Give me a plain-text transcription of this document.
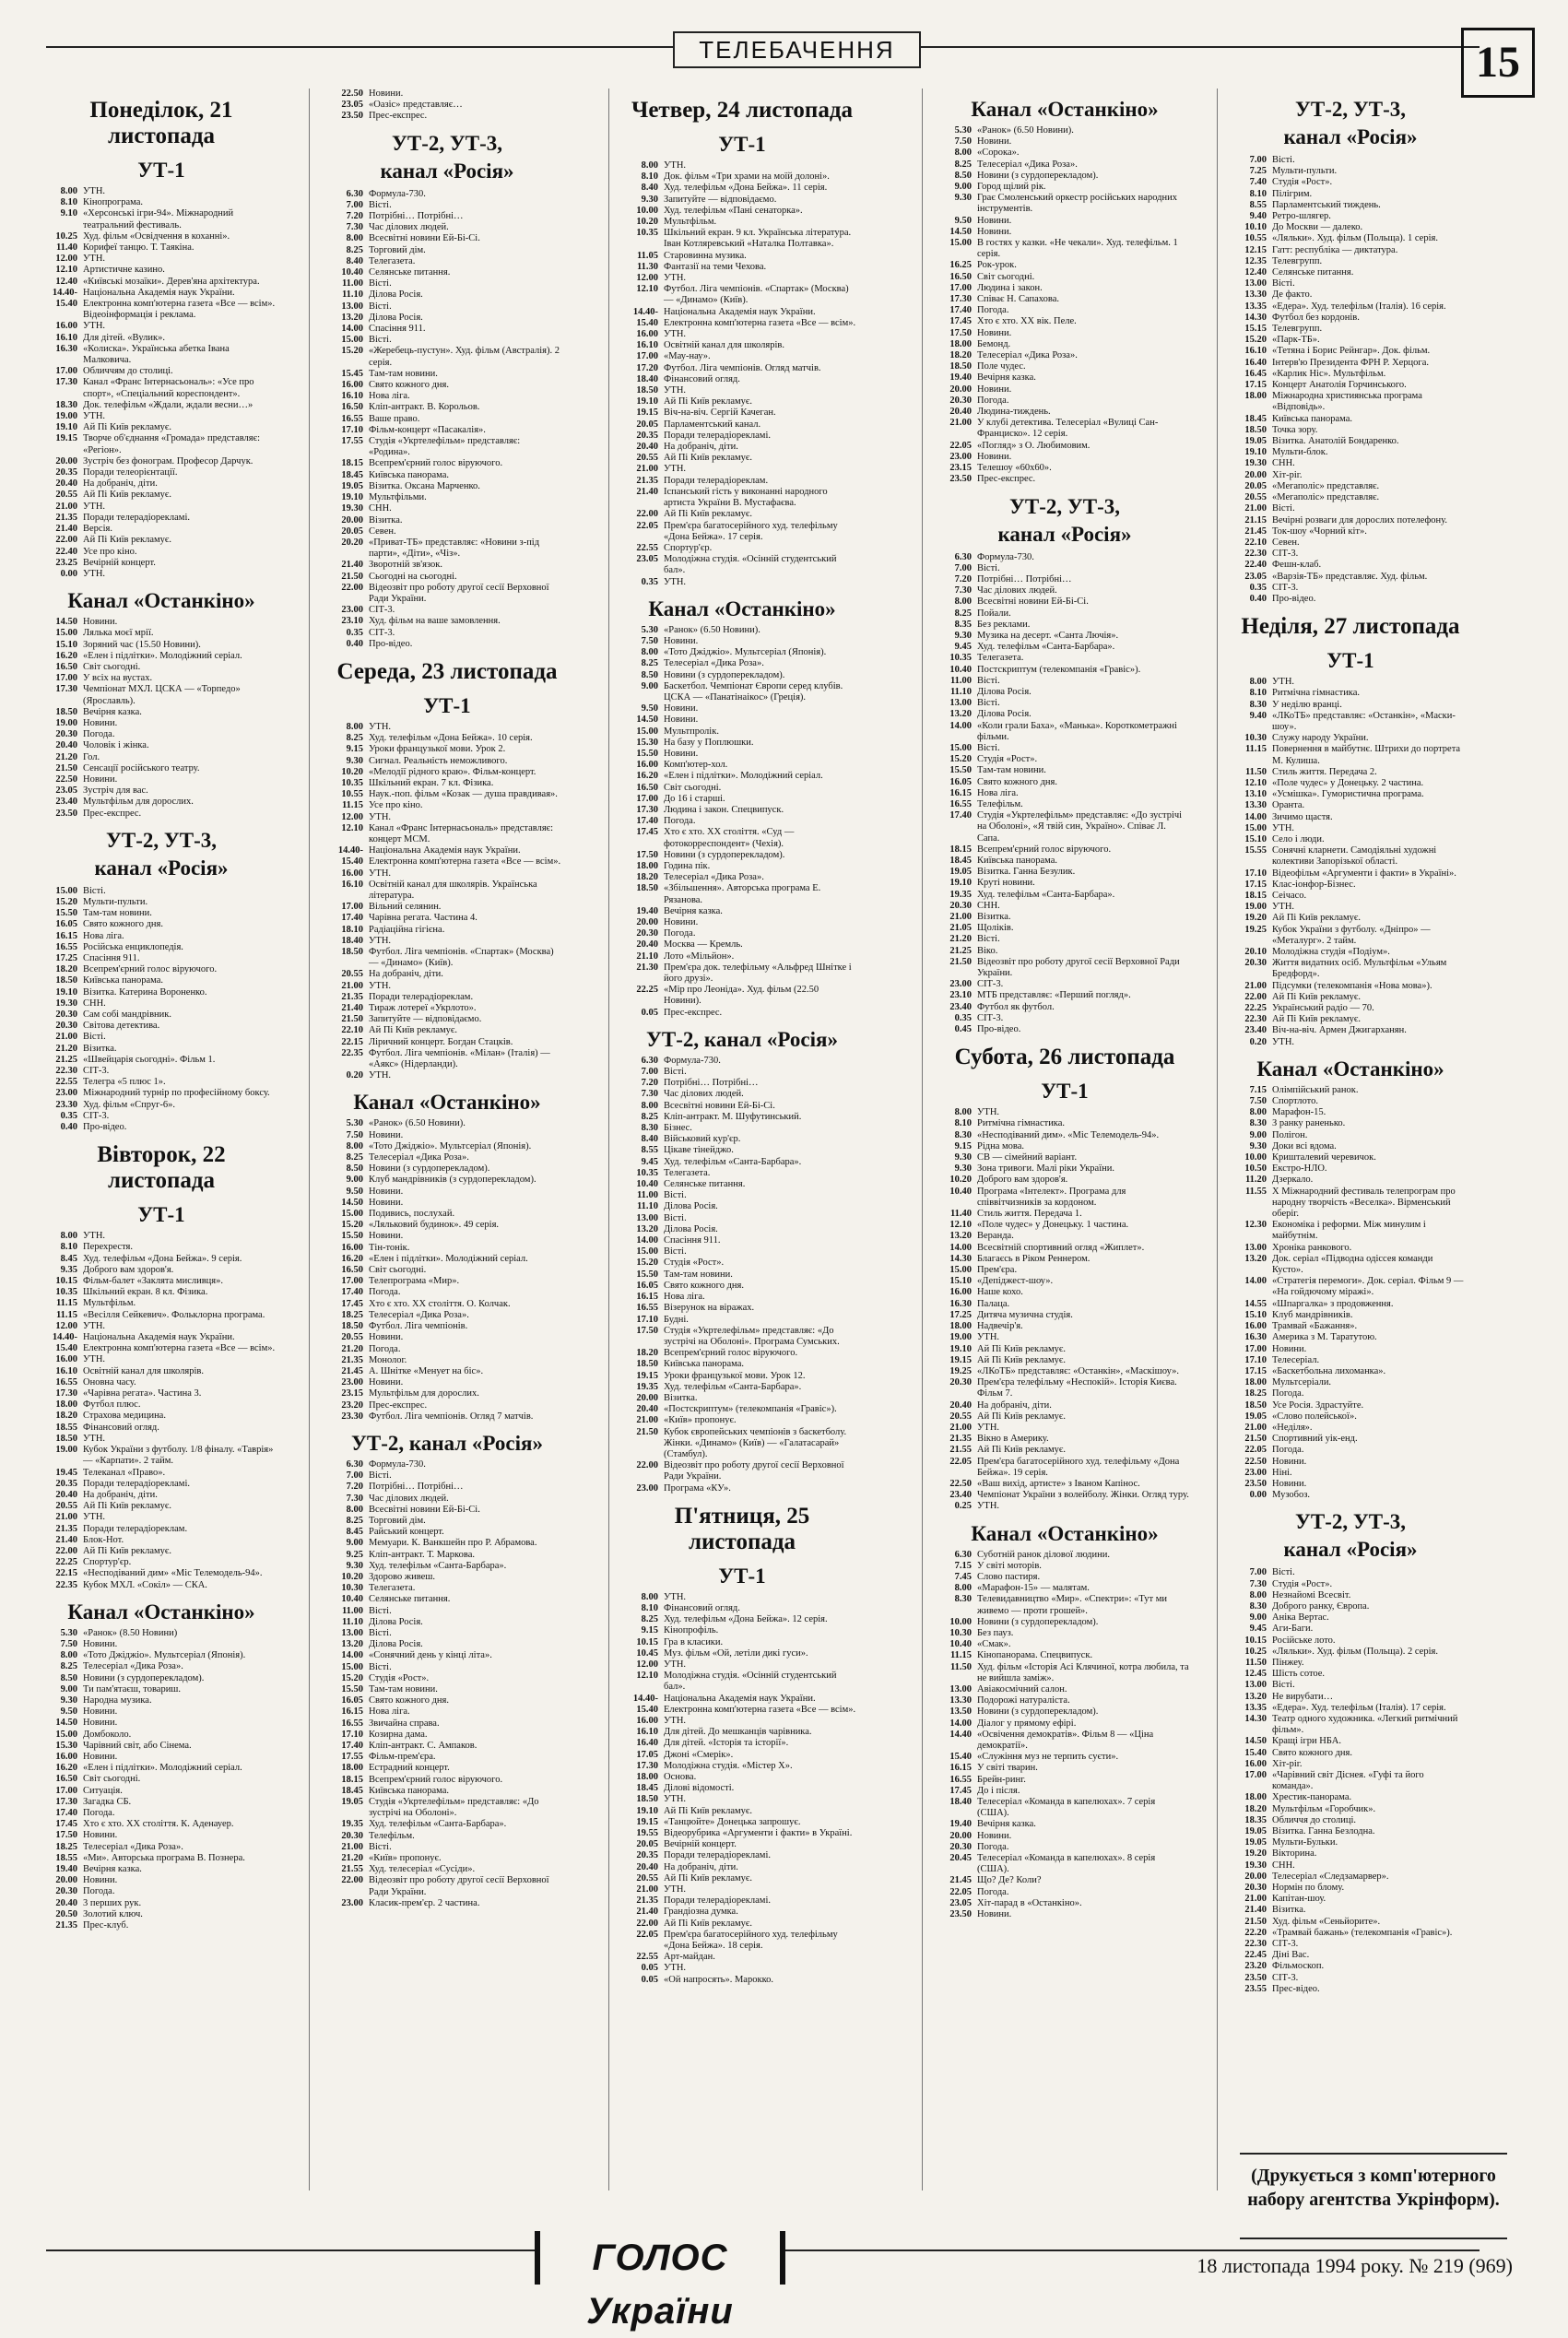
ТЕЛЕБАЧЕННЯ	15
Понеділок, 21 листопада
УТ-1
8.00 УТН.
8.10 Кінопрограма.
9.10 «Херсонські ігри-94». Міжнародний театральний фестиваль.
10.25 Худ. фільм «Освідчення в коханні».
11.40 Корифеї танцю. Т. Таякіна.
12.00 УТН.
12.10 Артистичне казино.
12.40 «Київські мозаїки». Дерев'яна архітектура.
14.40-15.40
Національна Академія наук України. Електронна комп'ютерна газета «Все — всім». Відеоінформація і реклама.
16.00 УТН.
16.10 Для дітей. «Вулик».
16.30 «Колиска». Українська абетка Івана Малковича.
17.00 Обличчям до столиці.
17.30 Канал «Франс Інтернасьональ»: «Усе про спорт», «Спеціальний кореспондент».
18.30 Док. телефільм «Ждали, ждали весни…»
19.00 УТН.
19.10 Ай Пі Київ рекламує.
19.15 Творче об'єднання «Громада» представляє: «Регіон».
20.00 Зустріч без фонограм. Професор Дарчук.
20.35 Поради телеорієнтації.
20.40 На добраніч, діти.
20.55 Ай Пі Київ рекламує.
21.00 УТН.
21.35 Поради телерадіорекламі.
21.40 Версія.
22.00 Ай Пі Київ рекламує.
22.40 Усе про кіно.
23.25 Вечірній концерт.
0.00 УТН.
Канал «Останкіно»
14.50 Новини.
15.00 Лялька моєї мрії.
15.10 Зоряний час (15.50 Новини).
16.20 «Елен і підлітки». Молодіжний серіал.
16.50 Світ сьогодні.
17.00 У всіх на вустах.
17.30 Чемпіонат МХЛ. ЦСКА — «Торпедо» (Ярославль).
18.50 Вечірня казка.
19.00 Новини.
20.30 Погода.
20.40 Чоловік і жінка.
21.20 Гол.
21.50 Сенсації російського театру.
22.50 Новини.
23.05 Зустріч для вас.
23.40 Мультфільм для дорослих.
23.50 Прес-експрес.
УТ-2, УТ-3,
канал «Росія»
15.00 Вісті.
15.20 Мульти-пульти.
15.50 Там-там новини.
16.05 Свято кожного дня.
16.15 Нова ліга.
16.55 Російська енциклопедія.
17.25 Спасіння 911.
18.20 Всепрем'єрний голос віруючого.
18.50 Київська панорама.
19.10 Візитка. Катерина Вороненко.
19.30 СНН.
20.30 Сам собі мандрівник.
20.30 Світова детектива.
21.00 Вісті.
21.20 Візитка.
21.25 «Швейцарія сьогодні». Фільм 1.
22.30 СІТ-3.
22.55 Телегра «5 плюс 1».
23.00 Міжнародний турнір по професійному боксу.
23.30 Худ. фільм «Спруг-6».
0.35 СІТ-3.
0.40 Про-відео.
Вівторок, 22 листопада
УТ-1
8.00 УТН.
8.10 Перехрестя.
8.45 Худ. телефільм «Дона Бейжа». 9 серія.
9.35 Доброго вам здоров'я.
10.15 Фільм-балет «Заклята мисливця».
10.35 Шкільний екран. 8 кл. Фізика.
11.15 Мультфільм.
11.15 «Весілля Сейкевич». Фольклорна програма.
12.00 УТН.
14.40-15.40
Національна Академія наук України. Електронна комп'ютерна газета «Все — всім».
16.00 УТН.
16.10 Освітній канал для школярів.
16.55 Оновна часу.
17.30 «Чарівна регата». Частина 3.
18.00 Футбол плюс.
18.20 Страхова медицина.
18.55 Фінансовий огляд.
18.50 УТН.
19.00 Кубок України з футболу. 1/8 фіналу. «Таврія» — «Карпати». 2 тайм.
19.45 Телеканал «Право».
20.35 Поради телерадіорекламі.
20.40 На добраніч, діти.
20.55 Ай Пі Київ рекламує.
21.00 УТН.
21.35 Поради телерадіореклам.
21.40 Блок-Нот.
22.00 Ай Пі Київ рекламує.
22.25 Спортур'єр.
22.15 «Несподіваний дим» «Міс Телемодель-94».
22.35 Кубок МХЛ. «Сокіл» — СКА.
Канал «Останкіно»
5.30 «Ранок» (8.50 Новини)
7.50 Новини.
8.00 «Тото Джіджіо». Мультсеріал (Японія).
8.25 Телесеріал «Дика Роза».
8.50 Новини (з сурдоперекладом).
9.00 Ти пам'ятаєш, товариш.
9.30 Народна музика.
9.50 Новини.
14.50 Новини.
15.00 Домбоколо.
15.30 Чарівний світ, або Сінема.
16.00 Новини.
16.20 «Елен і підлітки». Молодіжний серіал.
16.50 Світ сьогодні.
17.00 Ситуація.
17.30 Загадка СБ.
17.40 Погода.
17.45 Хто є хто. ХХ століття. К. Аденауер.
17.50 Новини.
18.25 Телесеріал «Дика Роза».
18.55 «Ми». Авторська програма В. Познера.
19.40 Вечірня казка.
20.00 Новини.
20.30 Погода.
20.40 3 перших рук.
20.50 Золотий ключ.
21.35 Прес-клуб.
22.50 Новини.
23.05 «Оазіс» представляє…
23.50 Прес-експрес.
УТ-2, УТ-3,
канал «Росія»
6.30 Формула-730.
7.00 Вісті.
7.20 Потрібні… Потрібні…
7.30 Час ділових людей.
8.00 Всесвітні новини Ей-Бі-Сі.
8.25 Торговий дім.
8.40 Телегазета.
10.40 Селянське питання.
11.00 Вісті.
11.10 Ділова Росія.
13.00 Вісті.
13.20 Ділова Росія.
14.00 Спасіння 911.
15.00 Вісті.
15.20 «Жеребець-пустун». Худ. фільм (Австралія). 2 серія.
15.45 Там-там новини.
16.00 Свято кожного дня.
16.10 Нова ліга.
16.50 Кліп-антракт. В. Корольов.
16.55 Ваше право.
17.10 Фільм-концерт «Пасакалія».
17.55 Студія «Укртелефільм» представляє: «Родина».
18.15 Всепрем'єрний голос віруючого.
18.45 Київська панорама.
19.05 Візитка. Оксана Марченко.
19.10 Мультфільми.
19.30 СНН.
20.00 Візитка.
20.05 Севен.
20.20 «Приват-ТБ» представляє: «Новини з-під парти», «Діти», «Чіз».
21.40 Зворотній зв'язок.
21.50 Сьогодні на сьогодні.
22.00 Відеозвіт про роботу другої сесії Верховної Ради України.
23.00 СІТ-3.
23.10 Худ. фільм на ваше замовлення.
0.35 СІТ-3.
0.40 Про-відео.
Середа, 23 листопада
УТ-1
8.00 УТН.
8.25 Худ. телефільм «Дона Бейжа». 10 серія.
9.15 Уроки французької мови. Урок 2.
9.30 Сигнал. Реальність неможливого.
10.20 «Мелодії рідного краю». Фільм-концерт.
10.35 Шкільний екран. 7 кл. Фізика.
10.55 Наук.-поп. фільм «Козак — душа правдивая».
11.15 Усе про кіно.
12.00 УТН.
12.10 Канал «Франс Інтернасьональ» представляє: концерт МСМ.
14.40-15.40
Національна Академія наук України. Електронна комп'ютерна газета «Все — всім».
16.00 УТН.
16.10 Освітній канал для школярів. Українська література.
17.00 Вільний селянин.
17.40 Чарівна регата. Частина 4.
18.10 Радіаційна гігієна.
18.40 УТН.
18.50 Футбол. Ліга чемпіонів. «Спартак» (Москва) — «Динамо» (Київ).
20.55 На добраніч, діти.
21.00 УТН.
21.35 Поради телерадіореклам.
21.40 Тираж лотереї «Укрлото».
21.50 Запитуйте — відповідаємо.
22.10 Ай Пі Київ рекламує.
22.15 Ліричний концерт. Богдан Стацків.
22.35 Футбол. Ліга чемпіонів. «Мілан» (Італія) — «Аякс» (Нідерланди).
0.20 УТН.
Канал «Останкіно»
5.30 «Ранок» (6.50 Новини).
7.50 Новини.
8.00 «Тото Джіджіо». Мультсеріал (Японія).
8.25 Телесеріал «Дика Роза».
8.50 Новини (з сурдоперекладом).
9.00 Клуб мандрівників (з сурдоперекладом).
9.50 Новини.
14.50 Новини.
15.00 Подивись, послухай.
15.20 «Ляльковий будинок». 49 серія.
15.50 Новини.
16.00 Тін-тонік.
16.20 «Елен і підлітки». Молодіжний серіал.
16.50 Світ сьогодні.
17.00 Телепрограма «Мир».
17.40 Погода.
17.45 Хто є хто. ХХ століття. О. Колчак.
18.25 Телесеріал «Дика Роза».
18.50 Футбол. Ліга чемпіонів.
20.55 Новини.
21.20 Погода.
21.35 Монолог.
21.45 А. Шнітке «Менует на біс».
23.00 Новини.
23.15 Мультфільм для дорослих.
23.20 Прес-експрес.
23.30 Футбол. Ліга чемпіонів. Огляд 7 матчів.
УТ-2, канал «Росія»
6.30 Формула-730.
7.00 Вісті.
7.20 Потрібні… Потрібні…
7.30 Час ділових людей.
8.00 Всесвітні новини Ей-Бі-Сі.
8.25 Торговий дім.
8.45 Райський концерт.
9.00 Мемуари. К. Ванкшейн про Р. Абрамова.
9.25 Кліп-антракт. Т. Маркова.
9.30 Худ. телефільм «Санта-Барбара».
10.20 Здорово живеш.
10.30 Телегазета.
10.40 Селянське питання.
11.00 Вісті.
11.10 Ділова Росія.
13.00 Вісті.
13.20 Ділова Росія.
14.00 «Сонячний день у кінці літа».
15.00 Вісті.
15.20 Студія «Рост».
15.50 Там-там новини.
16.05 Свято кожного дня.
16.15 Нова ліга.
16.55 Звичайна справа.
17.10 Козирна дама.
17.40 Кліп-антракт. С. Ампаков.
17.55 Фільм-прем'єра.
18.00 Естрадний концерт.
18.15 Всепрем'єрний голос віруючого.
18.45 Київська панорама.
19.05 Студія «Укртелефільм» представляє: «До зустрічі на Оболоні».
19.35 Худ. телефільм «Санта-Барбара».
20.30 Телефільм.
21.00 Вісті.
21.20 «Київ» пропонує.
21.55 Худ. телесеріал «Сусіди».
22.00 Відеозвіт про роботу другої сесії Верховної Ради України.
23.00 Класик-прем'єр. 2 частина.
Четвер, 24 листопада
УТ-1
8.00 УТН.
8.10 Док. фільм «Три храми на моїй долоні».
8.40 Худ. телефільм «Дона Бейжа». 11 серія.
9.30 Запитуйте — відповідаємо.
10.00 Худ. телефільм «Пані сенаторка».
10.20 Мультфільм.
10.35 Шкільний екран. 9 кл. Українська література. Іван Котляревський «Наталка Полтавка».
11.05 Старовинна музика.
11.30 Фантазії на теми Чехова.
12.00 УТН.
12.10 Футбол. Ліга чемпіонів. «Спартак» (Москва) — «Динамо» (Київ).
14.40-15.40
Національна Академія наук України. Електронна комп'ютерна газета «Все — всім».
16.00 УТН.
16.10 Освітній канал для школярів.
17.00 «Мау-нау».
17.20 Футбол. Ліга чемпіонів. Огляд матчів.
18.40 Фінансовий огляд.
18.50 УТН.
19.10 Ай Пі Київ рекламує.
19.15 Віч-на-віч. Сергій Качеган.
20.05 Парламентський канал.
20.35 Поради телерадіорекламі.
20.40 На добраніч, діти.
20.55 Ай Пі Київ рекламує.
21.00 УТН.
21.35 Поради телерадіореклам.
21.40 Іспанський гість у виконанні народного артиста України В. Мустафаєва.
22.00 Ай Пі Київ рекламує.
22.05 Прем'єра багатосерійного худ. телефільму «Дона Бейжа». 17 серія.
22.55 Спортур'єр.
23.05 Молодіжна студія. «Осінній студентський бал».
0.35 УТН.
Канал «Останкіно»
5.30 «Ранок» (6.50 Новини).
7.50 Новини.
8.00 «Тото Джіджіо». Мультсеріал (Японія).
8.25 Телесеріал «Дика Роза».
8.50 Новини (з сурдоперекладом).
9.00 Баскетбол. Чемпіонат Європи серед клубів. ЦСКА — «Панатінаікос» (Греція).
9.50 Новини.
14.50 Новини.
15.00 Мультпролік.
15.30 На базу у Поплюшки.
15.50 Новини.
16.00 Комп'ютер-хол.
16.20 «Елен і підлітки». Молодіжний серіал.
16.50 Світ сьогодні.
17.00 До 16 і старші.
17.30 Людина і закон. Спецвипуск.
17.40 Погода.
17.45 Хто є хто. ХХ століття. «Суд — фотокорреспондент» (Чехія).
17.50 Новини (з сурдоперекладом).
18.00 Година пік.
18.20 Телесеріал «Дика Роза».
18.50 «Збільшення». Авторська програма Е. Рязанова.
19.40 Вечірня казка.
20.00 Новини.
20.30 Погода.
20.40 Москва — Кремль.
21.10 Лото «Мільйон».
21.30 Прем'єра док. телефільму «Альфред Шнітке і його друзі».
22.25 «Мір про Леоніда». Худ. фільм (22.50 Новини).
0.05 Прес-експрес.
УТ-2, канал «Росія»
6.30 Формула-730.
7.00 Вісті.
7.20 Потрібні… Потрібні…
7.30 Час ділових людей.
8.00 Всесвітні новини Ей-Бі-Сі.
8.25 Кліп-антракт. М. Шуфутинський.
8.30 Бізнес.
8.40 Військовий кур'єр.
8.55 Цікаве тінейджо.
9.45 Худ. телефільм «Санта-Барбара».
10.35 Телегазета.
10.40 Селянське питання.
11.00 Вісті.
11.10 Ділова Росія.
13.00 Вісті.
13.20 Ділова Росія.
14.00 Спасіння 911.
15.00 Вісті.
15.20 Студія «Рост».
15.50 Там-там новини.
16.05 Свято кожного дня.
16.15 Нова ліга.
16.55 Візерунок на віражах.
17.10 Будні.
17.50 Студія «Укртелефільм» представляє: «До зустрічі на Оболоні». Програма Сумських.
18.20 Всепрем'єрний голос віруючого.
18.50 Київська панорама.
19.15 Уроки французької мови. Урок 12.
19.35 Худ. телефільм «Санта-Барбара».
20.00 Візитка.
20.40 «Постскриптум» (телекомпанія «Гравіс»).
21.00 «Київ» пропонує.
21.50 Кубок європейських чемпіонів з баскетболу. Жінки. «Динамо» (Київ) — «Галатасарай» (Стамбул).
22.00 Відеозвіт про роботу другої сесії Верховної Ради України.
23.00 Програма «КУ».
П'ятниця, 25 листопада
УТ-1
8.00 УТН.
8.10 Фінансовий огляд.
8.25 Худ. телефільм «Дона Бейжа». 12 серія.
9.15 Кінопрофіль.
10.15 Гра в класики.
10.45 Муз. фільм «Ой, летіли дикі гуси».
12.00 УТН.
12.10 Молодіжна студія. «Осінній студентський бал».
14.40-15.40
Національна Академія наук України. Електронна комп'ютерна газета «Все — всім».
16.00 УТН.
16.10 Для дітей. До мешканців чарівника.
16.40 Для дітей. «Історія та історії».
17.05 Джоні «Смерік».
17.30 Молодіжна студія. «Містер Х».
18.00 Основа.
18.45 Ділові відомості.
18.50 УТН.
19.10 Ай Пі Київ рекламує.
19.15 «Танцюйте» Донецька запрошує.
19.55 Відеорубрика «Аргументи і факти» в Україні.
20.05 Вечірній концерт.
20.35 Поради телерадіорекламі.
20.40 На добраніч, діти.
20.55 Ай Пі Київ рекламує.
21.00 УТН.
21.35 Поради телерадіорекламі.
21.40 Грандіозна думка.
22.00 Ай Пі Київ рекламує.
22.05 Прем'єра багатосерійного худ. телефільму «Дона Бейжа». 18 серія.
22.55 Арт-майдан.
0.05 УТН.
0.05 «Ой напросять». Марокко.
Канал «Останкіно»
5.30 «Ранок» (6.50 Новини).
7.50 Новини.
8.00 «Сорока».
8.25 Телесеріал «Дика Роза».
8.50 Новини (з сурдоперекладом).
9.00 Город щілий рік.
9.30 Грає Смоленський оркестр російських народних інструментів.
9.50 Новини.
14.50 Новини.
15.00 В гостях у казки. «Не чекали». Худ. телефільм. 1 серія.
16.25 Рок-урок.
16.50 Світ сьогодні.
17.00 Людина і закон.
17.30 Співає Н. Сапахова.
17.40 Погода.
17.45 Хто є хто. ХХ вік. Пеле.
17.50 Новини.
18.00 Бемонд.
18.20 Телесеріал «Дика Роза».
18.50 Поле чудес.
19.40 Вечірня казка.
20.00 Новини.
20.30 Погода.
20.40 Людина-тиждень.
21.00 У клубі детектива. Телесеріал «Вулиці Сан-Франциско». 12 серія.
22.05 «Погляд» з О. Любимовим.
23.00 Новини.
23.15 Телешоу «60х60».
23.50 Прес-експрес.
УТ-2, УТ-3,
канал «Росія»
6.30 Формула-730.
7.00 Вісті.
7.20 Потрібні… Потрібні…
7.30 Час ділових людей.
8.00 Всесвітні новини Ей-Бі-Сі.
8.25 Пойали.
8.35 Без реклами.
9.30 Музика на десерт. «Санта Лючія».
9.45 Худ. телефільм «Санта-Барбара».
10.35 Телегазета.
10.40 Постскриптум (телекомпанія «Гравіс»).
11.00 Вісті.
11.10 Ділова Росія.
13.00 Вісті.
13.20 Ділова Росія.
14.00 «Коли грали Баха», «Манька». Короткометражні фільми.
15.00 Вісті.
15.20 Студія «Рост».
15.50 Там-там новини.
16.05 Свято кожного дня.
16.15 Нова ліга.
16.55 Телефільм.
17.40 Студія «Укртелефільм» представляє: «До зустрічі на Оболоні», «Я твій син, Україно». Співає Л. Сапа.
18.15 Всепрем'єрний голос віруючого.
18.45 Київська панорама.
19.05 Візитка. Ганна Безулик.
19.10 Круті новини.
19.35 Худ. телефільм «Санта-Барбара».
20.30 СНН.
21.00 Візитка.
21.05 Щоліків.
21.20 Вісті.
21.25 Віко.
21.50 Відеозвіт про роботу другої сесії Верховної Ради України.
23.00 СІТ-3.
23.10 МТБ представляє: «Перший погляд».
23.40 Футбол як футбол.
0.35 СІТ-3.
0.45 Про-відео.
Субота, 26 листопада
УТ-1
8.00 УТН.
8.10 Ритмічна гімнастика.
8.30 «Несподіваний дим». «Міс Телемодель-94».
9.15 Рідна мова.
9.30 СВ — сімейний варіант.
9.30 Зона тривоги. Малі ріки України.
10.20 Доброго вам здоров'я.
10.40 Програма «Інтелект». Програма для співвітчизників за кордоном.
11.40 Стиль життя. Передача 1.
12.10 «Поле чудес» у Донецьку. 1 частина.
13.20 Веранда.
14.00 Всесвітній спортивний огляд «Жиплет».
14.30 Благаєсь в Ріком Реннером.
15.00 Прем'єра.
15.10 «Депіджест-шоу».
16.00 Наше кохо.
16.30 Палаца.
17.25 Дитяча музична студія.
18.00 Надвечір'я.
19.00 УТН.
19.10 Ай Пі Київ рекламує.
19.15 Ай Пі Київ рекламує.
19.25 «ЛКоТБ» представляє: «Останкін», «Маскішоу».
20.30 Прем'єра телефільму «Неспокій». Історія Києва. Фільм 7.
20.40 На добраніч, діти.
20.55 Ай Пі Київ рекламує.
21.00 УТН.
21.35 Вікно в Америку.
21.55 Ай Пі Київ рекламує.
22.05 Прем'єра багатосерійного худ. телефільму «Дона Бейжа». 19 серія.
22.50 «Ваш вихід, артисте» з Іваном Капінос.
23.40 Чемпіонат України з волейболу. Жінки. Огляд туру.
0.25 УТН.
Канал «Останкіно»
6.30 Суботній ранок ділової людини.
7.15 У світі моторів.
7.45 Слово пастиря.
8.00 «Марафон-15» — малятам.
8.30 Телевидавництво «Мир». «Спектри»: «Тут ми живемо — проти грошей».
10.00 Новини (з сурдоперекладом).
10.30 Без пауз.
10.40 «Смак».
11.15 Кінопанорама. Спецвипуск.
11.50 Худ. фільм «Історія Асі Клячиної, котра любила, та не вийшла заміж».
13.00 Авіакосмічний салон.
13.30 Подорожі натураліста.
13.50 Новини (з сурдоперекладом).
14.00 Діалог у прямому ефірі.
14.40 «Освічення демократів». Фільм 8 — «Ціна демократії».
15.40 «Служіння муз не терпить суєти».
16.15 У світі тварин.
16.55 Брейн-ринг.
17.45 До і після.
18.40 Телесеріал «Команда в капелюхах». 7 серія (США).
19.40 Вечірня казка.
20.00 Новини.
20.30 Погода.
20.45 Телесеріал «Команда в капелюхах». 8 серія (США).
21.45 Що? Де? Коли?
22.05 Погода.
23.05 Хіт-парад в «Останкіно».
23.50 Новини.
УТ-2, УТ-3,
канал «Росія»
7.00 Вісті.
7.25 Мульти-пульти.
7.40 Студія «Рост».
8.10 Пілігрим.
8.55 Парламентський тиждень.
9.40 Ретро-шлягер.
10.10 До Москви — далеко.
10.55 «Ляльки». Худ. фільм (Польща). 1 серія.
12.15 Гатт: республіка — диктатура.
12.35 Телевгрупп.
12.40 Селянське питання.
13.00 Вісті.
13.30 Де факто.
13.35 «Едера». Худ. телефільм (Італія). 16 серія.
14.30 Футбол без кордонів.
15.15 Телевгрупп.
15.20 «Парк-ТБ».
16.10 «Тетяна і Борис Рейнгар». Док. фільм.
16.40 Інтерв'ю Президента ФРН Р. Херцога.
16.45 «Карлик Ніс». Мультфільм.
17.15 Концерт Анатолія Горчинського.
18.00 Міжнародна християнська програма «Відповідь».
18.45 Київська панорама.
18.50 Точка зору.
19.05 Візитка. Анатолій Бондаренко.
19.10 Мульти-блок.
19.30 СНН.
20.00 Хіт-ріг.
20.05 «Мегаполіс» представляє.
20.55 «Мегаполіс» представляє.
21.00 Вісті.
21.15 Вечірні розваги для дорослих потелефону.
21.45 Ток-шоу «Чорний кіт».
22.10 Севен.
22.30 СІТ-3.
22.40 Фешн-клаб.
23.05 «Варзія-ТБ» представляє. Худ. фільм.
0.35 СІТ-3.
0.40 Про-відео.
Неділя, 27 листопада
УТ-1
8.00 УТН.
8.10 Ритмічна гімнастика.
8.30 У неділю вранці.
9.40 «ЛКоТБ» представляє: «Останкін», «Маски-шоу».
10.30 Служу народу України.
11.15 Повернення в майбутнє. Штрихи до портрета М. Кулиша.
11.50 Стиль життя. Передача 2.
12.10 «Поле чудес» у Донецьку. 2 частина.
13.10 «Усмішка». Гумористична програма.
13.30 Оранта.
14.00 Зичимо щастя.
15.00 УТН.
15.10 Село і люди.
15.55 Сонячні кларнети. Самодіяльні художні колективи Запорізької області.
17.10 Відеофільм «Аргументи і факти» в Україні».
17.15 Клас-іонфор-Бізнес.
18.15 Сеічасо.
19.00 УТН.
19.20 Ай Пі Київ рекламує.
19.25 Кубок України з футболу. «Дніпро» — «Металург». 2 тайм.
20.10 Молодіжна студія «Подіум».
20.30 Життя видатних осіб. Мультфільм «Ульям Бредфорд».
21.00 Підсумки (телекомпанія «Нова мова»).
22.00 Ай Пі Київ рекламує.
22.25 Український радіо — 70.
22.30 Ай Пі Київ рекламує.
23.40 Віч-на-віч. Армен Джигарханян.
0.20 УТН.
Канал «Останкіно»
7.15 Олімпійський ранок.
7.50 Спортлото.
8.00 Марафон-15.
8.30 З ранку раненько.
9.00 Полігон.
9.30 Доки всі вдома.
10.00 Кришталевий черевичок.
10.50 Екстро-НЛО.
11.20 Дзеркало.
11.55 X Міжнародний фестиваль телепрограм про народну творчість «Веселка». Вірменський оберіг.
12.30 Економіка і реформи. Між минулим і майбутнім.
13.00 Хроніка ранкового.
13.20 Док. серіал «Підводна одіссея команди Кусто».
14.00 «Стратегія перемоги». Док. серіал. Фільм 9 — «На гойдючому міражі».
14.55 «Шпаргалка» з продовження.
15.10 Клуб мандрівників.
16.00 Трамвай «Бажання».
16.30 Америка з М. Таратутою.
17.00 Новини.
17.10 Телесеріал.
17.15 «Баскетбольна лихоманка».
18.00 Мультсеріали.
18.25 Погода.
18.50 Усе Росія. Здрастуйте.
19.05 «Слово полейської».
21.00 «Неділя».
21.50 Спортивний уік-енд.
22.05 Погода.
22.50 Новини.
23.00 Ніні.
23.50 Новини.
0.00 Музобоз.
УТ-2, УТ-3,
канал «Росія»
7.00 Вісті.
7.30 Студія «Рост».
8.00 Незнайомі Всесвіт.
8.30 Доброго ранку, Європа.
9.00 Аніка Вертас.
9.45 Аги-Баги.
10.15 Російське лото.
10.25 «Ляльки». Худ. фільм (Польща). 2 серія.
11.50 Пінжеу.
12.45 Шість сотое.
13.00 Вісті.
13.20 Не вирубати…
13.35 «Едера». Худ. телефільм (Італія). 17 серія.
14.30 Театр одного художника. «Легкий ритмічний фільм».
14.50 Кращі ігри НБА.
15.40 Свято кожного дня.
16.00 Хіт-ріг.
17.00 «Чарівний світ Діснея. «Гуфі та його команда».
18.00 Хрестик-панорама.
18.20 Мультфільм «Горобчик».
18.35 Обличчя до столиці.
19.05 Візитка. Ганна Безлодна.
19.05 Мульти-Бульки.
19.20 Вікторина.
19.30 СНН.
20.00 Телесеріал «Следзамарвер».
20.30 Нормін по блому.
21.00 Капітан-шоу.
21.40 Візитка.
21.50 Худ. фільм «Сеньйорите».
22.20 «Трамвай бажань» (телекомпанія «Гравіс»).
22.30 СІТ-3.
22.45 Діні Вас.
23.20 Фільмоскоп.
23.50 СІТ-3.
23.55 Прес-відео.
(Друкується з комп'ютерного набору агентства Укрінформ).
ГОЛОС України
18 листопада 1994 року. № 219 (969)
